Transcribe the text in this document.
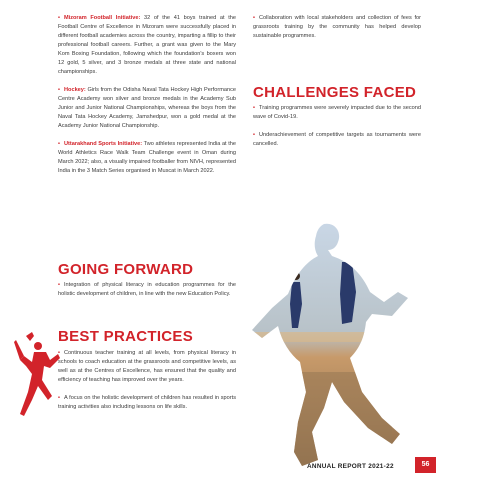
• Mizoram Football Initiative: 32 of the 41 boys trained at the Football Centre of Excellence in Mizoram were successfully placed in different football academies across the country, imparting a fillip to their professional football careers. Further, a grant was given to the Mary Kom Boxing Foundation, following which the foundation's boxers won 12 gold, 5 silver, and 3 bronze medals at three state and national championships.

• Hockey: Girls from the Odisha Naval Tata Hockey High Performance Centre Academy won silver and bronze medals in the Academy Sub Junior and Junior National Championships, whereas the boys from the Naval Tata Hockey Academy, Jamshedpur, won a gold medal at the Academy Junior National Championship.

• Uttarakhand Sports Initiative: Two athletes represented India at the World Athletics Race Walk Team Challenge event in Oman during March 2022; also, a visually impaired footballer from NIVH, represented India in the 3 Match Series organised in Muscat in March 2022.

GOING FORWARD

• Integration of physical literacy in education programmes for the holistic development of children, in line with the new Education Policy.

BEST PRACTICES

• Continuous teacher training at all levels, from physical literacy in schools to coach education at the grassroots and competitive levels, as well as at the Centres of Excellence, has ensured that the quality and efficiency of teaching has improved over the years.

• A focus on the holistic development of children has resulted in sports training activities also including lessons on life skills.

• Collaboration with local stakeholders and collection of fees for grassroots training by the community has helped develop sustainable programmes.

CHALLENGES FACED

• Training programmes were severely impacted due to the second wave of Covid-19.

• Underachievement of competitive targets as tournaments were cancelled.

ANNUAL REPORT 2021-22	56
